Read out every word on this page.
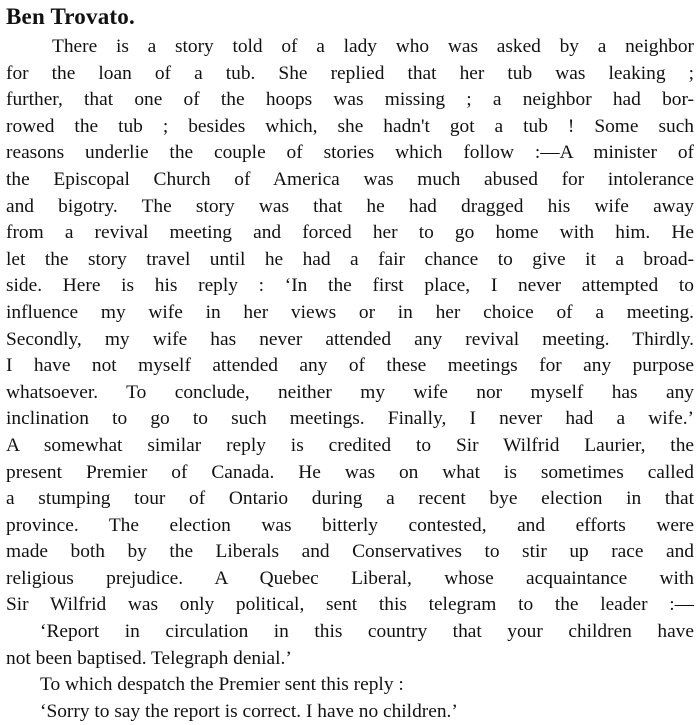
Ben Trovato.
There is a story told of a lady who was asked by a neighbor
for the loan of a tub. She replied that her tub was leaking ;
further, that one of the hoops was missing ; a neighbor had bor-
rowed the tub ; besides which, she hadn't got a tub ! Some such
reasons underlie the couple of stories which follow :—A minister of
the Episcopal Church of America was much abused for intolerance
and bigotry. The story was that he had dragged his wife away
from a revival meeting and forced her to go home with him. He
let the story travel until he had a fair chance to give it a broad-
side. Here is his reply : ‘In the first place, I never attempted to
influence my wife in her views or in her choice of a meeting.
Secondly, my wife has never attended any revival meeting. Thirdly.
I have not myself attended any of these meetings for any purpose
whatsoever. To conclude, neither my wife nor myself has any
inclination to go to such meetings. Finally, I never had a wife.’
A somewhat similar reply is credited to Sir Wilfrid Laurier, the
present Premier of Canada. He was on what is sometimes called
a stumping tour of Ontario during a recent bye election in that
province. The election was bitterly contested, and efforts were
made both by the Liberals and Conservatives to stir up race and
religious prejudice. A Quebec Liberal, whose acquaintance with
Sir Wilfrid was only political, sent this telegram to the leader :—
‘Report in circulation in this country that your children have
not been baptised. Telegraph denial.’
To which despatch the Premier sent this reply :
‘Sorry to say the report is correct. I have no children.’
